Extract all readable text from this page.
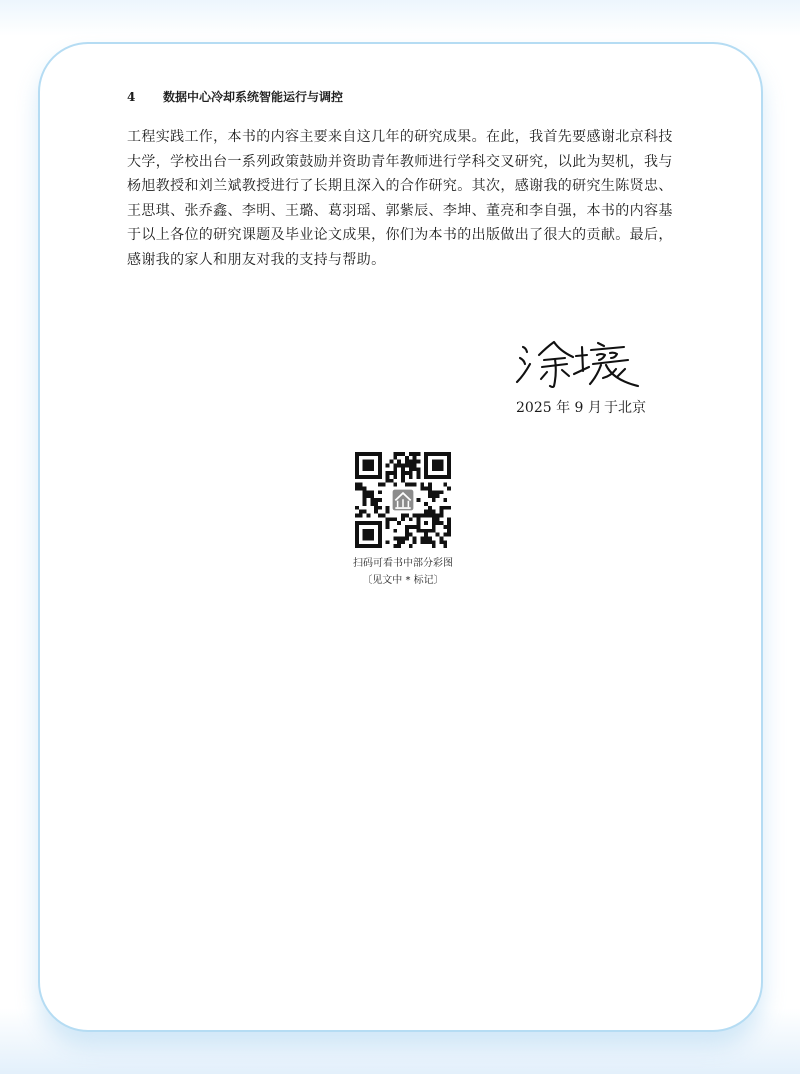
4 数据中心冷却系统智能运行与调控
工程实践工作，本书的内容主要来自这几年的研究成果。在此，我首先要感谢北京科技
大学，学校出台一系列政策鼓励并资助青年教师进行学科交叉研究，以此为契机，我与
杨旭教授和刘兰斌教授进行了长期且深入的合作研究。其次，感谢我的研究生陈贤忠、
王思琪、张乔鑫、李明、王璐、葛羽瑶、郭紫辰、李坤、董亮和李自强，本书的内容基
于以上各位的研究课题及毕业论文成果，你们为本书的出版做出了很大的贡献。最后，
感谢我的家人和朋友对我的支持与帮助。
2025 年 9 月 于北京
扫码可看书中部分彩图
〔见文中 * 标记〕
